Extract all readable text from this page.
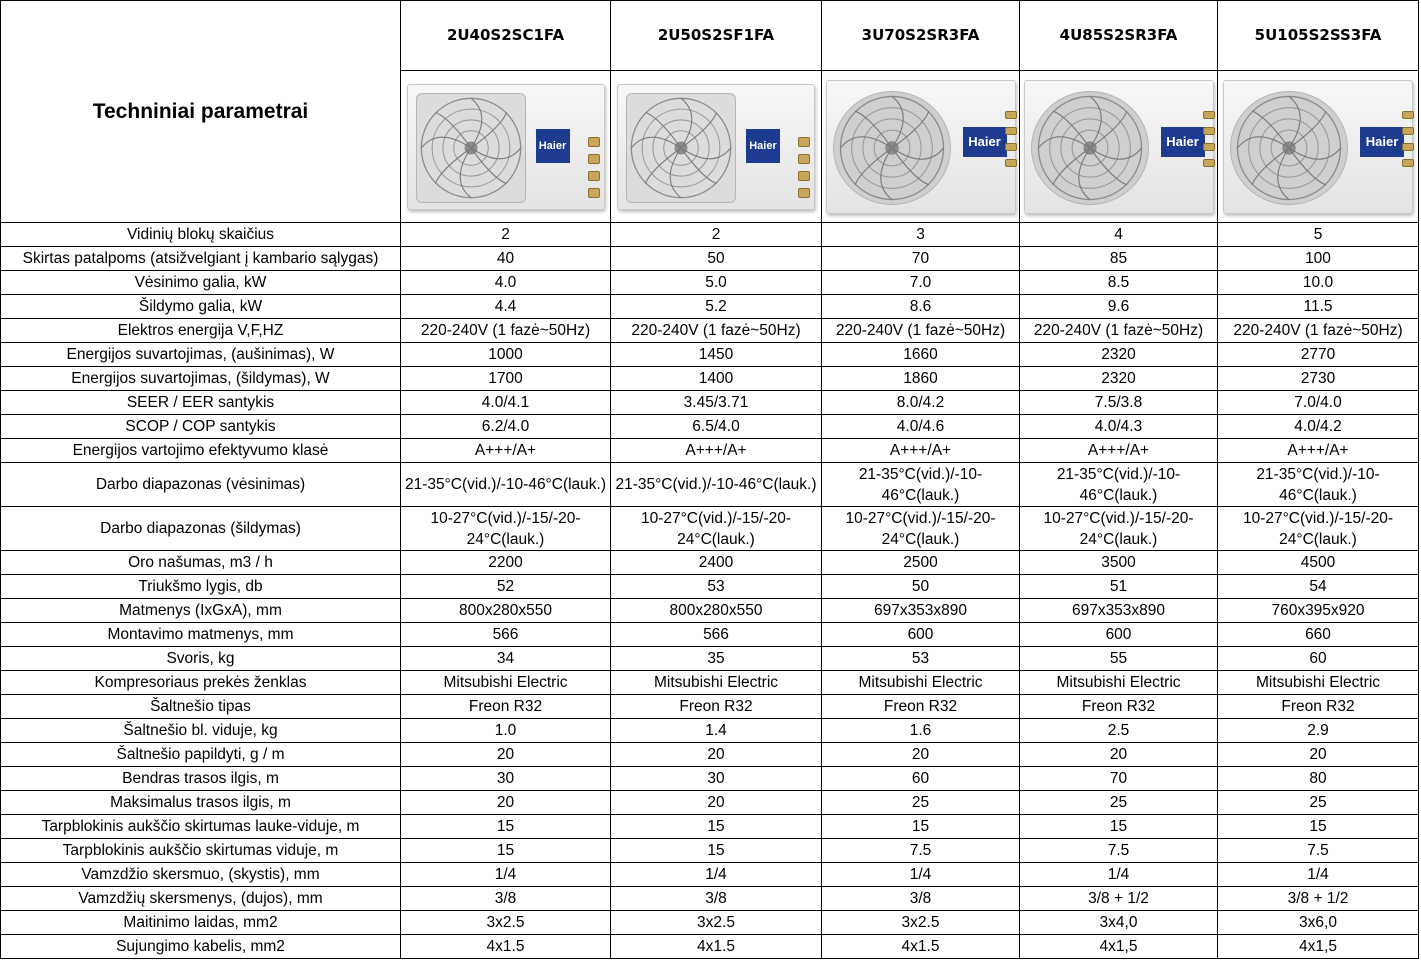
Techniniai parametrai	2U40S2SC1FA	2U50S2SF1FA	3U70S2SR3FA	4U85S2SR3FA	5U105S2SS3FA

	Haier	Haier	Haier	Haier	Haier

Vidinių blokų skaičius	2	2	3	4	5
Skirtas patalpoms (atsižvelgiant į kambario sąlygas)	40	50	70	85	100
Vėsinimo galia, kW	4.0	5.0	7.0	8.5	10.0
Šildymo galia, kW	4.4	5.2	8.6	9.6	11.5
Elektros energija V,F,HZ	220-240V (1 fazė~50Hz)	220-240V (1 fazė~50Hz)	220-240V (1 fazė~50Hz)	220-240V (1 fazė~50Hz)	220-240V (1 fazė~50Hz)
Energijos suvartojimas, (aušinimas), W	1000	1450	1660	2320	2770
Energijos suvartojimas, (šildymas), W	1700	1400	1860	2320	2730
SEER / EER santykis	4.0/4.1	3.45/3.71	8.0/4.2	7.5/3.8	7.0/4.0
SCOP / COP santykis	6.2/4.0	6.5/4.0	4.0/4.6	4.0/4.3	4.0/4.2
Energijos vartojimo efektyvumo klasė	A+++/A+	A+++/A+	A+++/A+	A+++/A+	A+++/A+
Darbo diapazonas (vėsinimas)	21-35°C(vid.)/-10-46°C(lauk.)	21-35°C(vid.)/-10-46°C(lauk.)	21-35°C(vid.)/-10-46°C(lauk.)	21-35°C(vid.)/-10-46°C(lauk.)	21-35°C(vid.)/-10-46°C(lauk.)
Darbo diapazonas (šildymas)	10-27°C(vid.)/-15/-20-24°C(lauk.)	10-27°C(vid.)/-15/-20-24°C(lauk.)	10-27°C(vid.)/-15/-20-24°C(lauk.)	10-27°C(vid.)/-15/-20-24°C(lauk.)	10-27°C(vid.)/-15/-20-24°C(lauk.)
Oro našumas, m3 / h	2200	2400	2500	3500	4500
Triukšmo lygis, db	52	53	50	51	54
Matmenys (IxGxA), mm	800x280x550	800x280x550	697x353x890	697x353x890	760x395x920
Montavimo matmenys, mm	566	566	600	600	660
Svoris, kg	34	35	53	55	60
Kompresoriaus prekės ženklas	Mitsubishi Electric	Mitsubishi Electric	Mitsubishi Electric	Mitsubishi Electric	Mitsubishi Electric
Šaltnešio tipas	Freon R32	Freon R32	Freon R32	Freon R32	Freon R32
Šaltnešio bl. viduje, kg	1.0	1.4	1.6	2.5	2.9
Šaltnešio papildyti, g / m	20	20	20	20	20
Bendras trasos ilgis, m	30	30	60	70	80
Maksimalus trasos ilgis, m	20	20	25	25	25
Tarpblokinis aukščio skirtumas lauke-viduje, m	15	15	15	15	15
Tarpblokinis aukščio skirtumas viduje, m	15	15	7.5	7.5	7.5
Vamzdžio skersmuo, (skystis), mm	1/4	1/4	1/4	1/4	1/4
Vamzdžių skersmenys, (dujos), mm	3/8	3/8	3/8	3/8 + 1/2	3/8 + 1/2
Maitinimo laidas, mm2	3x2.5	3x2.5	3x2.5	3x4,0	3x6,0
Sujungimo kabelis, mm2	4x1.5	4x1.5	4x1.5	4x1,5	4x1,5
